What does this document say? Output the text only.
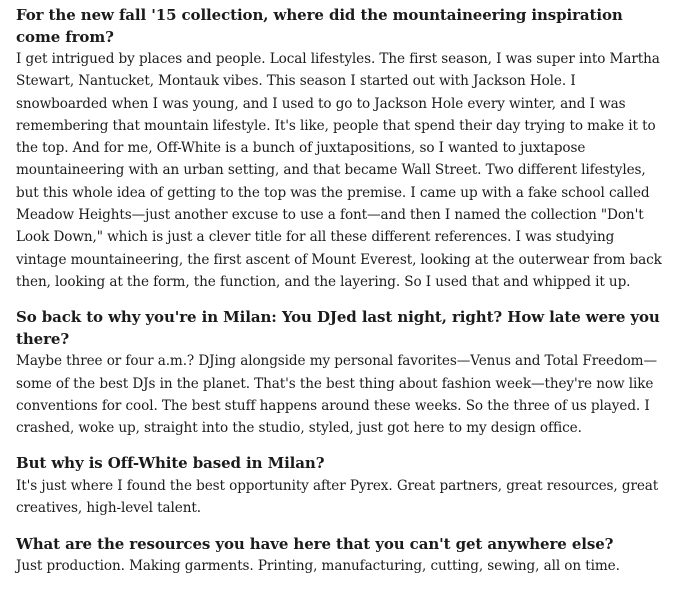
For the new fall '15 collection, where did the mountaineering inspiration come from?

I get intrigued by places and people. Local lifestyles. The first season, I was super into Martha Stewart, Nantucket, Montauk vibes. This season I started out with Jackson Hole. I snowboarded when I was young, and I used to go to Jackson Hole every winter, and I was remembering that mountain lifestyle. It's like, people that spend their day trying to make it to the top. And for me, Off-White is a bunch of juxtapositions, so I wanted to juxtapose mountaineering with an urban setting, and that became Wall Street. Two different lifestyles, but this whole idea of getting to the top was the premise. I came up with a fake school called Meadow Heights—just another excuse to use a font—and then I named the collection "Don't Look Down," which is just a clever title for all these different references. I was studying vintage mountaineering, the first ascent of Mount Everest, looking at the outerwear from back then, looking at the form, the function, and the layering. So I used that and whipped it up.

So back to why you're in Milan: You DJed last night, right? How late were you there?

Maybe three or four a.m.? DJing alongside my personal favorites—Venus and Total Freedom—some of the best DJs in the planet. That's the best thing about fashion week—they're now like conventions for cool. The best stuff happens around these weeks. So the three of us played. I crashed, woke up, straight into the studio, styled, just got here to my design office.

But why is Off-White based in Milan?

It's just where I found the best opportunity after Pyrex. Great partners, great resources, great creatives, high-level talent.

What are the resources you have here that you can't get anywhere else?

Just production. Making garments. Printing, manufacturing, cutting, sewing, all on time.
